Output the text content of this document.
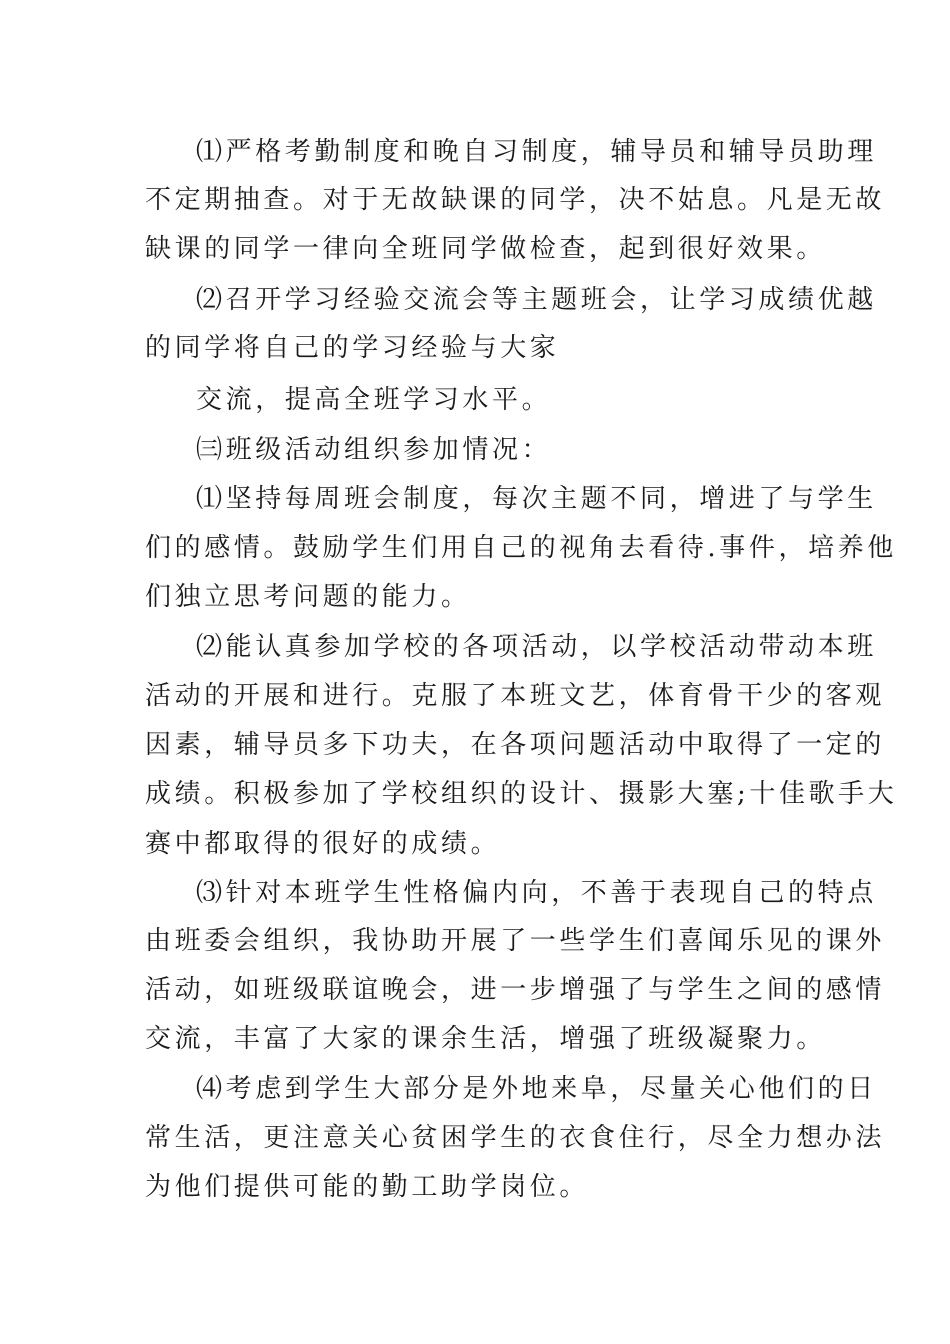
⑴严格考勤制度和晚自习制度，辅导员和辅导员助理
不定期抽查。对于无故缺课的同学，决不姑息。凡是无故
缺课的同学一律向全班同学做检查，起到很好效果。
⑵召开学习经验交流会等主题班会，让学习成绩优越
的同学将自己的学习经验与大家
交流，提高全班学习水平。
㈢班级活动组织参加情况：
⑴坚持每周班会制度，每次主题不同，增进了与学生
们的感情。鼓励学生们用自己的视角去看待.事件，培养他
们独立思考问题的能力。
⑵能认真参加学校的各项活动，以学校活动带动本班
活动的开展和进行。克服了本班文艺，体育骨干少的客观
因素，辅导员多下功夫，在各项问题活动中取得了一定的
成绩。积极参加了学校组织的设计、摄影大塞;十佳歌手大
赛中都取得的很好的成绩。
⑶针对本班学生性格偏内向，不善于表现自己的特点
由班委会组织，我协助开展了一些学生们喜闻乐见的课外
活动，如班级联谊晚会，进一步增强了与学生之间的感情
交流，丰富了大家的课余生活，增强了班级凝聚力。
⑷考虑到学生大部分是外地来阜，尽量关心他们的日
常生活，更注意关心贫困学生的衣食住行，尽全力想办法
为他们提供可能的勤工助学岗位。
